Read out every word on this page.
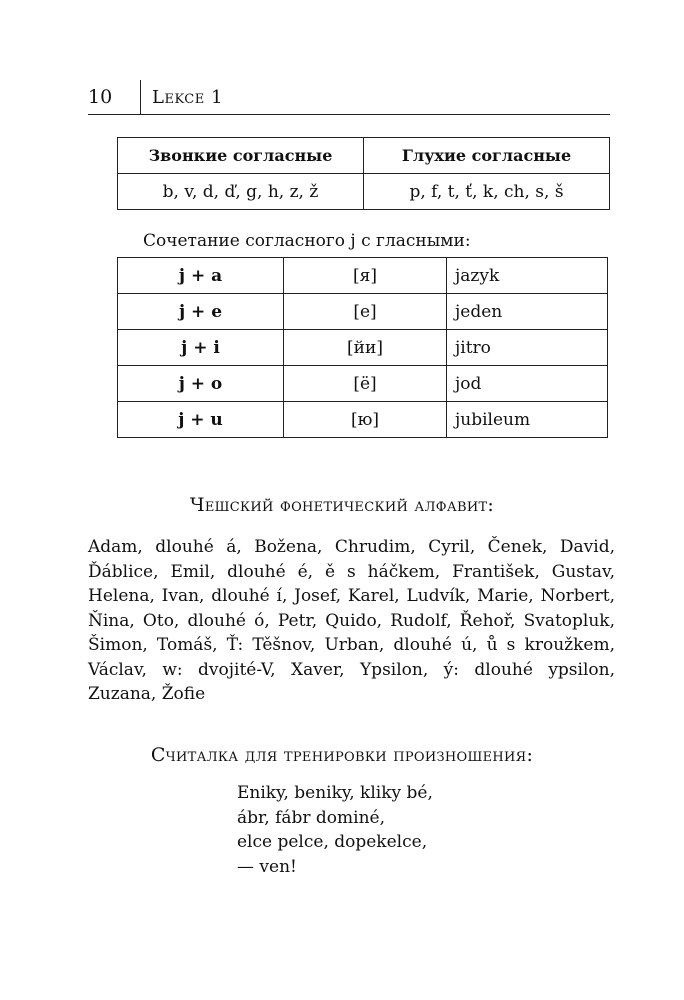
10 Lekce 1
Звонкие согласные	Глухие согласные
b, v, d, ď, g, h, z, ž	p, f, t, ť, k, ch, s, š
Сочетание согласного j с гласными:
j + a	[я]	jazyk
j + e	[е]	jeden
j + i	[йи]	jitro
j + o	[ё]	jod
j + u	[ю]	jubileum
Чешский фонетический алфавит:
Adam, dlouhé á, Božena, Chrudim, Cyril, Čenek, David, Ďáblice, Emil, dlouhé é, ě s háčkem, František, Gustav, Helena, Ivan, dlouhé í, Josef, Karel, Ludvík, Marie, Norbert, Ňina, Oto, dlouhé ó, Petr, Quido, Rudolf, Řehoř, Svatopluk, Šimon, Tomáš, Ť: Těšnov, Urban, dlouhé ú, ů s kroužkem, Václav, w: dvojité-V, Xaver, Ypsilon, ý: dlouhé ypsilon, Zuzana, Žofie
Считалка для тренировки произношения:
Eniky, beniky, kliky bé,
ábr, fábr dominé,
elce pelce, dopekelce,
— ven!
